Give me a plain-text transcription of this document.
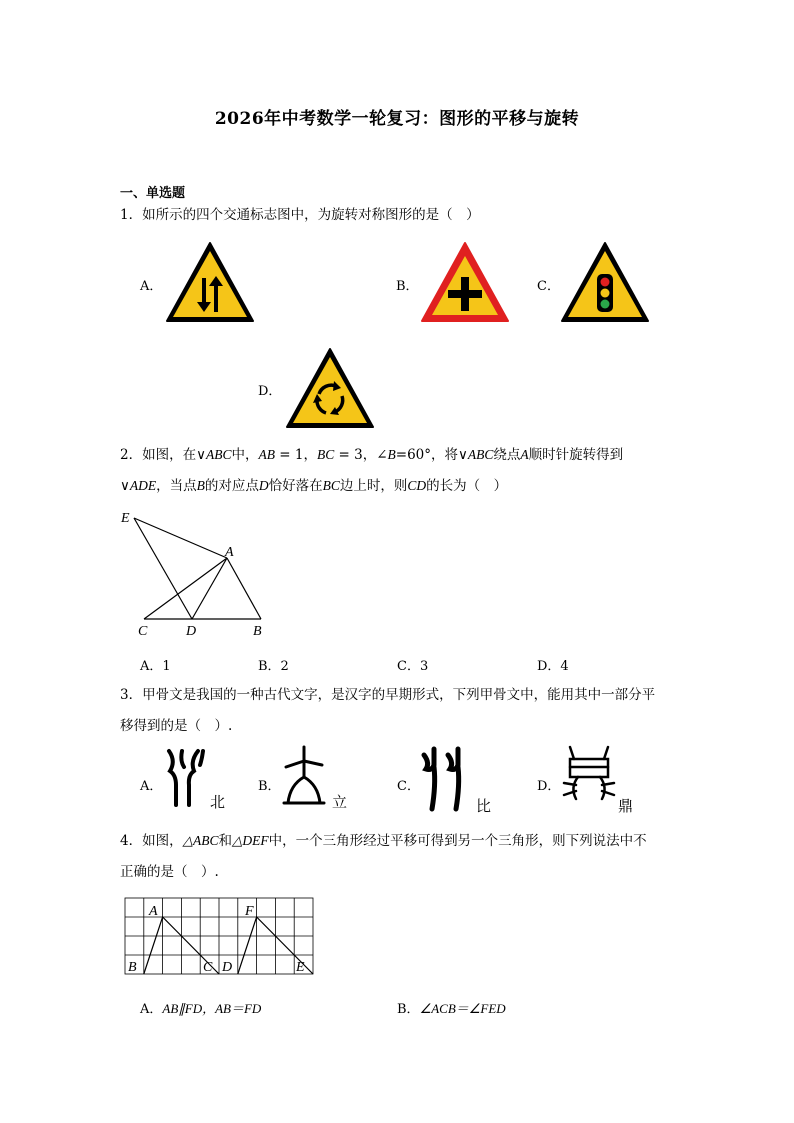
2026年中考数学一轮复习：图形的平移与旋转
一、单选题
1．如所示的四个交通标志图中，为旋转对称图形的是（　）
A．	B．	C．
D．
2．如图，在∨ABC中，AB = 1，BC = 3，∠B=60°，将∨ABC绕点A顺时针旋转得到
∨ADE，当点B的对应点D恰好落在BC边上时，则CD的长为（　）
E
A
C	D	B
A．1	B．2	C．3	D．4
3．甲骨文是我国的一种古代文字，是汉字的早期形式，下列甲骨文中，能用其中一部分平
移得到的是（　）.
A．
北
B．
立
C．
比
D．
鼎
4．如图，△ABC和△DEF中，一个三角形经过平移可得到另一个三角形，则下列说法中不
正确的是（　）.
A	F
B	C D	E
A．AB∥FD，AB＝FD	B．∠ACB＝∠FED
